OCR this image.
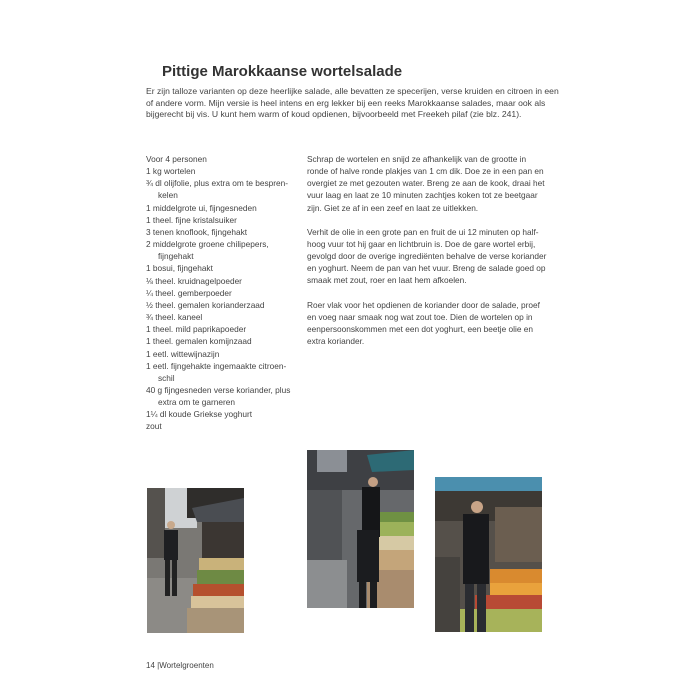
Pittige Marokkaanse wortelsalade
Er zijn talloze varianten op deze heerlijke salade, alle bevatten ze specerijen, verse kruiden en citroen in een
of andere vorm. Mijn versie is heel intens en erg lekker bij een reeks Marokkaanse salades, maar ook als
bijgerecht bij vis. U kunt hem warm of koud opdienen, bijvoorbeeld met Freekeh pilaf (zie blz. 241).
Voor 4 personen
1 kg wortelen
¾ dl olijfolie, plus extra om te bespren-
kelen
1 middelgrote ui, fijngesneden
1 theel. fijne kristalsuiker
3 tenen knoflook, fijngehakt
2 middelgrote groene chilipepers,
fijngehakt
1 bosui, fijngehakt
⅛ theel. kruidnagelpoeder
¼ theel. gemberpoeder
½ theel. gemalen korianderzaad
¾ theel. kaneel
1 theel. mild paprikapoeder
1 theel. gemalen komijnzaad
1 eetl. wittewijnazijn
1 eetl. fijngehakte ingemaakte citroen-
schil
40 g fijngesneden verse koriander, plus
extra om te garneren
1¼ dl koude Griekse yoghurt
zout
Schrap de wortelen en snijd ze afhankelijk van de grootte in
ronde of halve ronde plakjes van 1 cm dik. Doe ze in een pan en
overgiet ze met gezouten water. Breng ze aan de kook, draai het
vuur laag en laat ze 10 minuten zachtjes koken tot ze beetgaar
zijn. Giet ze af in een zeef en laat ze uitlekken.
Verhit de olie in een grote pan en fruit de ui 12 minuten op half-
hoog vuur tot hij gaar en lichtbruin is. Doe de gare wortel erbij,
gevolgd door de overige ingrediënten behalve de verse koriander
en yoghurt. Neem de pan van het vuur. Breng de salade goed op
smaak met zout, roer en laat hem afkoelen.
Roer vlak voor het opdienen de koriander door de salade, proef
en voeg naar smaak nog wat zout toe. Dien de wortelen op in
eenpersoonskommen met een dot yoghurt, een beetje olie en
extra koriander.
14 |Wortelgroenten
